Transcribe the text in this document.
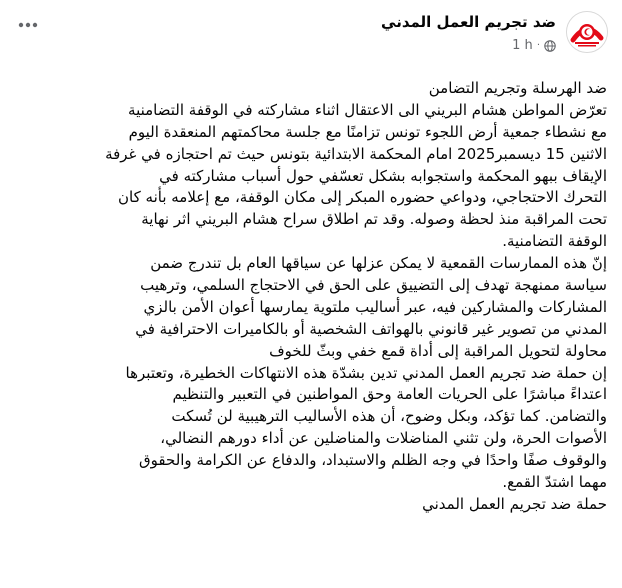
ضد تجريم العمل المدني
1 h ·
ضد الهرسلة وتجريم التضامن
تعرّض المواطن هشام البريني الى الاعتقال اثناء مشاركته في الوقفة التضامنية
مع نشطاء جمعية أرض اللجوء تونس تزامنًا مع جلسة محاكمتهم المنعقدة اليوم
الاثنين 15 ديسمبر2025 امام المحكمة الابتدائية بتونس حيث تم احتجازه في غرفة
الإيقاف ببهو المحكمة واستجوابه بشكل تعسّفي حول أسباب مشاركته في
التحرك الاحتجاجي، ودواعي حضوره المبكر إلى مكان الوقفة، مع إعلامه بأنه كان
تحت المراقبة منذ لحظة وصوله. وقد تم اطلاق سراح هشام البريني اثر نهاية
الوقفة التضامنية.
إنّ هذه الممارسات القمعية لا يمكن عزلها عن سياقها العام بل تندرج ضمن
سياسة ممنهجة تهدف إلى التضييق على الحق في الاحتجاج السلمي، وترهيب
المشاركات والمشاركين فيه، عبر أساليب ملتوية يمارسها أعوان الأمن بالزي
المدني من تصوير غير قانوني بالهواتف الشخصية أو بالكاميرات الاحترافية في
محاولة لتحويل المراقبة إلى أداة قمع خفي وبثّ للخوف
إن حملة ضد تجريم العمل المدني تدين بشدّة هذه الانتهاكات الخطيرة، وتعتبرها
اعتداءً مباشرًا على الحريات العامة وحق المواطنين في التعبير والتنظيم
والتضامن. كما تؤكد، وبكل وضوح، أن هذه الأساليب الترهيبية لن تُسكت
الأصوات الحرة، ولن تثني المناضلات والمناضلين عن أداء دورهم النضالي،
والوقوف صفًا واحدًا في وجه الظلم والاستبداد، والدفاع عن الكرامة والحقوق
مهما اشتدّ القمع.
حملة ضد تجريم العمل المدني
